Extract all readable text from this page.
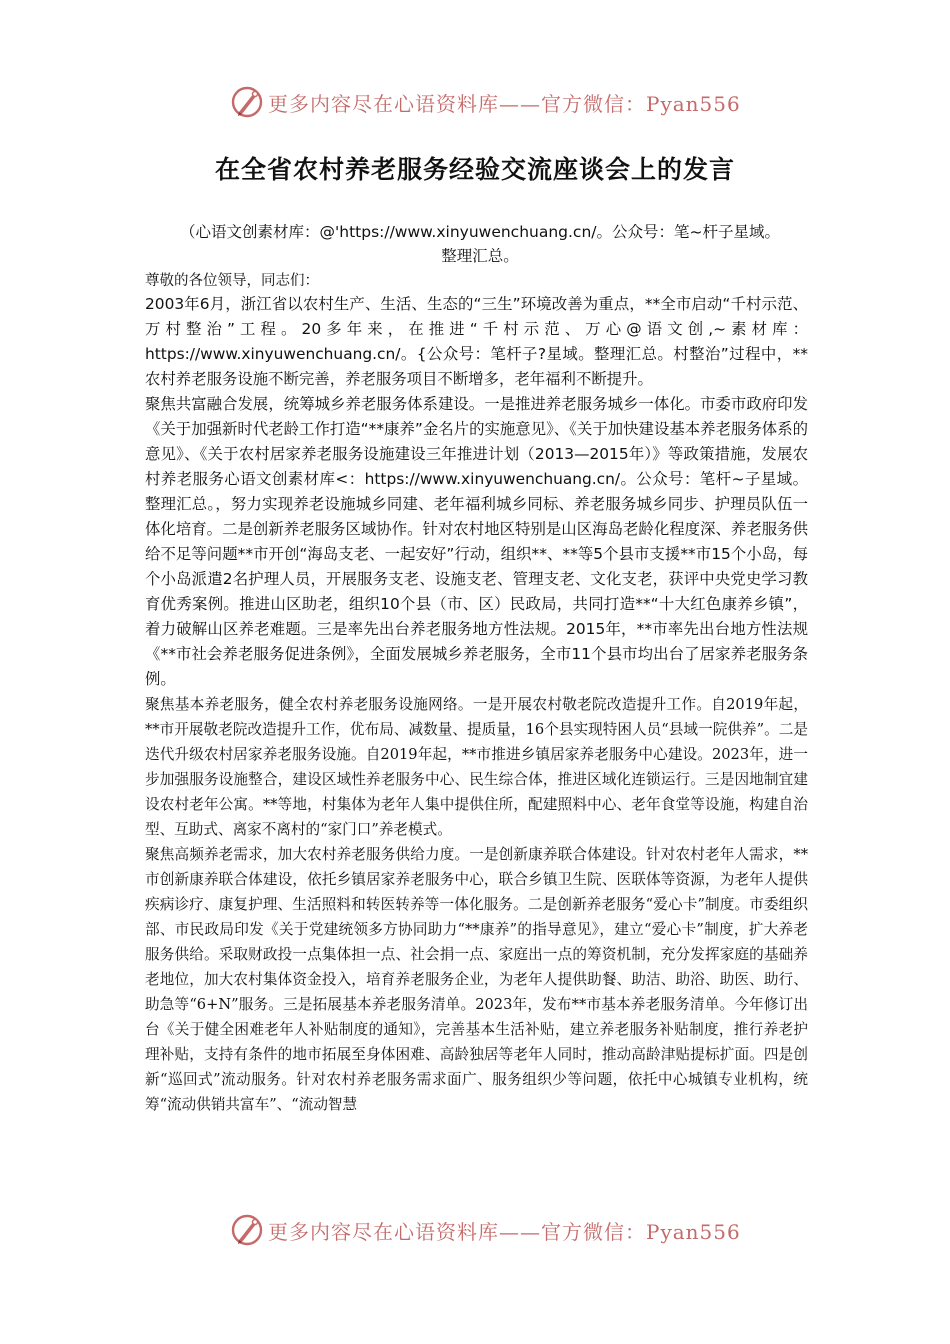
更多内容尽在心语资料库——官方微信：Pyan556
在全省农村养老服务经验交流座谈会上的发言
（心语文创素材库：@'https://www.xinyuwenchuang.cn/。公众号：笔~杆子星域。
整理汇总。

尊敬的各位领导，同志们：

2003年6月，浙江省以农村生产、生活、生态的“三生”环境改善为重点，**全市启动“千村示范、万村整治”工程。20多年来，在推进“千村示范、万心@语文创,~素材库：https://www.xinyuwenchuang.cn/。{公众号：笔杆子?星域。整理汇总。村整治”过程中，**农村养老服务设施不断完善，养老服务项目不断增多，老年福利不断提升。

聚焦共富融合发展，统筹城乡养老服务体系建设。一是推进养老服务城乡一体化。市委市政府印发《关于加强新时代老龄工作打造“**康养”金名片的实施意见》、《关于加快建设基本养老服务体系的意见》、《关于农村居家养老服务设施建设三年推进计划（2013—2015年）》等政策措施，发展农村养老服务心语文创素材库<：https://www.xinyuwenchuang.cn/。公众号：笔杆~子星域。整理汇总。，努力实现养老设施城乡同建、老年福利城乡同标、养老服务城乡同步、护理员队伍一体化培育。二是创新养老服务区域协作。针对农村地区特别是山区海岛老龄化程度深、养老服务供给不足等问题**市开创“海岛支老、一起安好”行动，组织**、**等5个县市支援**市15个小岛，每个小岛派遣2名护理人员，开展服务支老、设施支老、管理支老、文化支老，获评中央党史学习教育优秀案例。推进山区助老，组织10个县（市、区）民政局，共同打造**“十大红色康养乡镇”，着力破解山区养老难题。三是率先出台养老服务地方性法规。2015年，**市率先出台地方性法规《**市社会养老服务促进条例》，全面发展城乡养老服务，全市11个县市均出台了居家养老服务条例。

聚焦基本养老服务，健全农村养老服务设施网络。一是开展农村敬老院改造提升工作。自2019年起，**市开展敬老院改造提升工作，优布局、减数量、提质量，16个县实现特困人员“县域一院供养”。二是迭代升级农村居家养老服务设施。自2019年起，**市推进乡镇居家养老服务中心建设。2023年，进一步加强服务设施整合，建设区域性养老服务中心、民生综合体，推进区域化连锁运行。三是因地制宜建设农村老年公寓。**等地，村集体为老年人集中提供住所，配建照料中心、老年食堂等设施，构建自治型、互助式、离家不离村的“家门口”养老模式。

聚焦高频养老需求，加大农村养老服务供给力度。一是创新康养联合体建设。针对农村老年人需求，**市创新康养联合体建设，依托乡镇居家养老服务中心，联合乡镇卫生院、医联体等资源，为老年人提供疾病诊疗、康复护理、生活照料和转医转养等一体化服务。二是创新养老服务“爱心卡”制度。市委组织部、市民政局印发《关于党建统领多方协同助力“**康养”的指导意见》，建立“爱心卡”制度，扩大养老服务供给。采取财政投一点集体担一点、社会捐一点、家庭出一点的筹资机制，充分发挥家庭的基础养老地位，加大农村集体资金投入，培育养老服务企业，为老年人提供助餐、助洁、助浴、助医、助行、助急等“6+N”服务。三是拓展基本养老服务清单。2023年，发布**市基本养老服务清单。今年修订出台《关于健全困难老年人补贴制度的通知》，完善基本生活补贴，建立养老服务补贴制度，推行养老护理补贴，支持有条件的地市拓展至身体困难、高龄独居等老年人同时，推动高龄津贴提标扩面。四是创新“巡回式”流动服务。针对农村养老服务需求面广、服务组织少等问题，依托中心城镇专业机构，统筹“流动供销共富车”、“流动智慧

更多内容尽在心语资料库——官方微信：Pyan556
